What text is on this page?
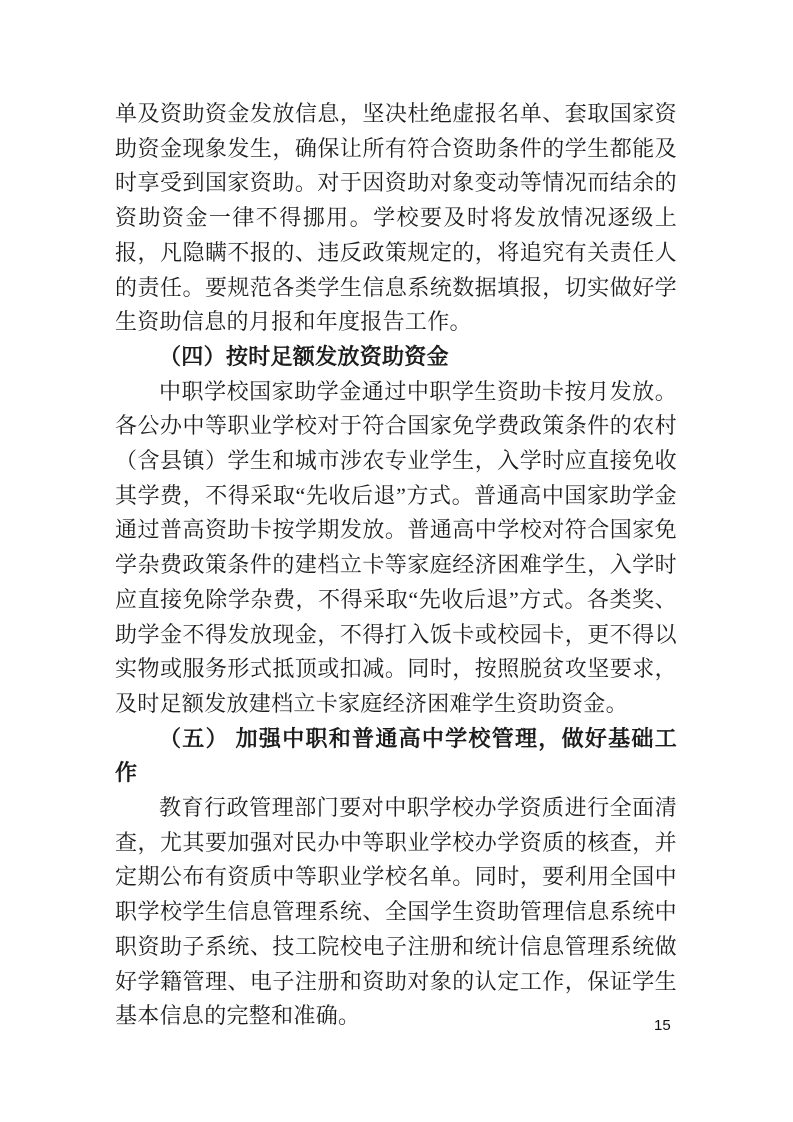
单及资助资金发放信息，坚决杜绝虚报名单、套取国家资助资金现象发生，确保让所有符合资助条件的学生都能及时享受到国家资助。对于因资助对象变动等情况而结余的资助资金一律不得挪用。学校要及时将发放情况逐级上报，凡隐瞒不报的、违反政策规定的，将追究有关责任人的责任。要规范各类学生信息系统数据填报，切实做好学生资助信息的月报和年度报告工作。

（四）按时足额发放资助资金

中职学校国家助学金通过中职学生资助卡按月发放。各公办中等职业学校对于符合国家免学费政策条件的农村（含县镇）学生和城市涉农专业学生，入学时应直接免收其学费，不得采取“先收后退”方式。普通高中国家助学金通过普高资助卡按学期发放。普通高中学校对符合国家免学杂费政策条件的建档立卡等家庭经济困难学生，入学时应直接免除学杂费，不得采取“先收后退”方式。各类奖、助学金不得发放现金，不得打入饭卡或校园卡，更不得以实物或服务形式抵顶或扣减。同时，按照脱贫攻坚要求，及时足额发放建档立卡家庭经济困难学生资助资金。

（五） 加强中职和普通高中学校管理，做好基础工作

教育行政管理部门要对中职学校办学资质进行全面清查，尤其要加强对民办中等职业学校办学资质的核查，并定期公布有资质中等职业学校名单。同时，要利用全国中职学校学生信息管理系统、全国学生资助管理信息系统中职资助子系统、技工院校电子注册和统计信息管理系统做好学籍管理、电子注册和资助对象的认定工作，保证学生基本信息的完整和准确。	15
